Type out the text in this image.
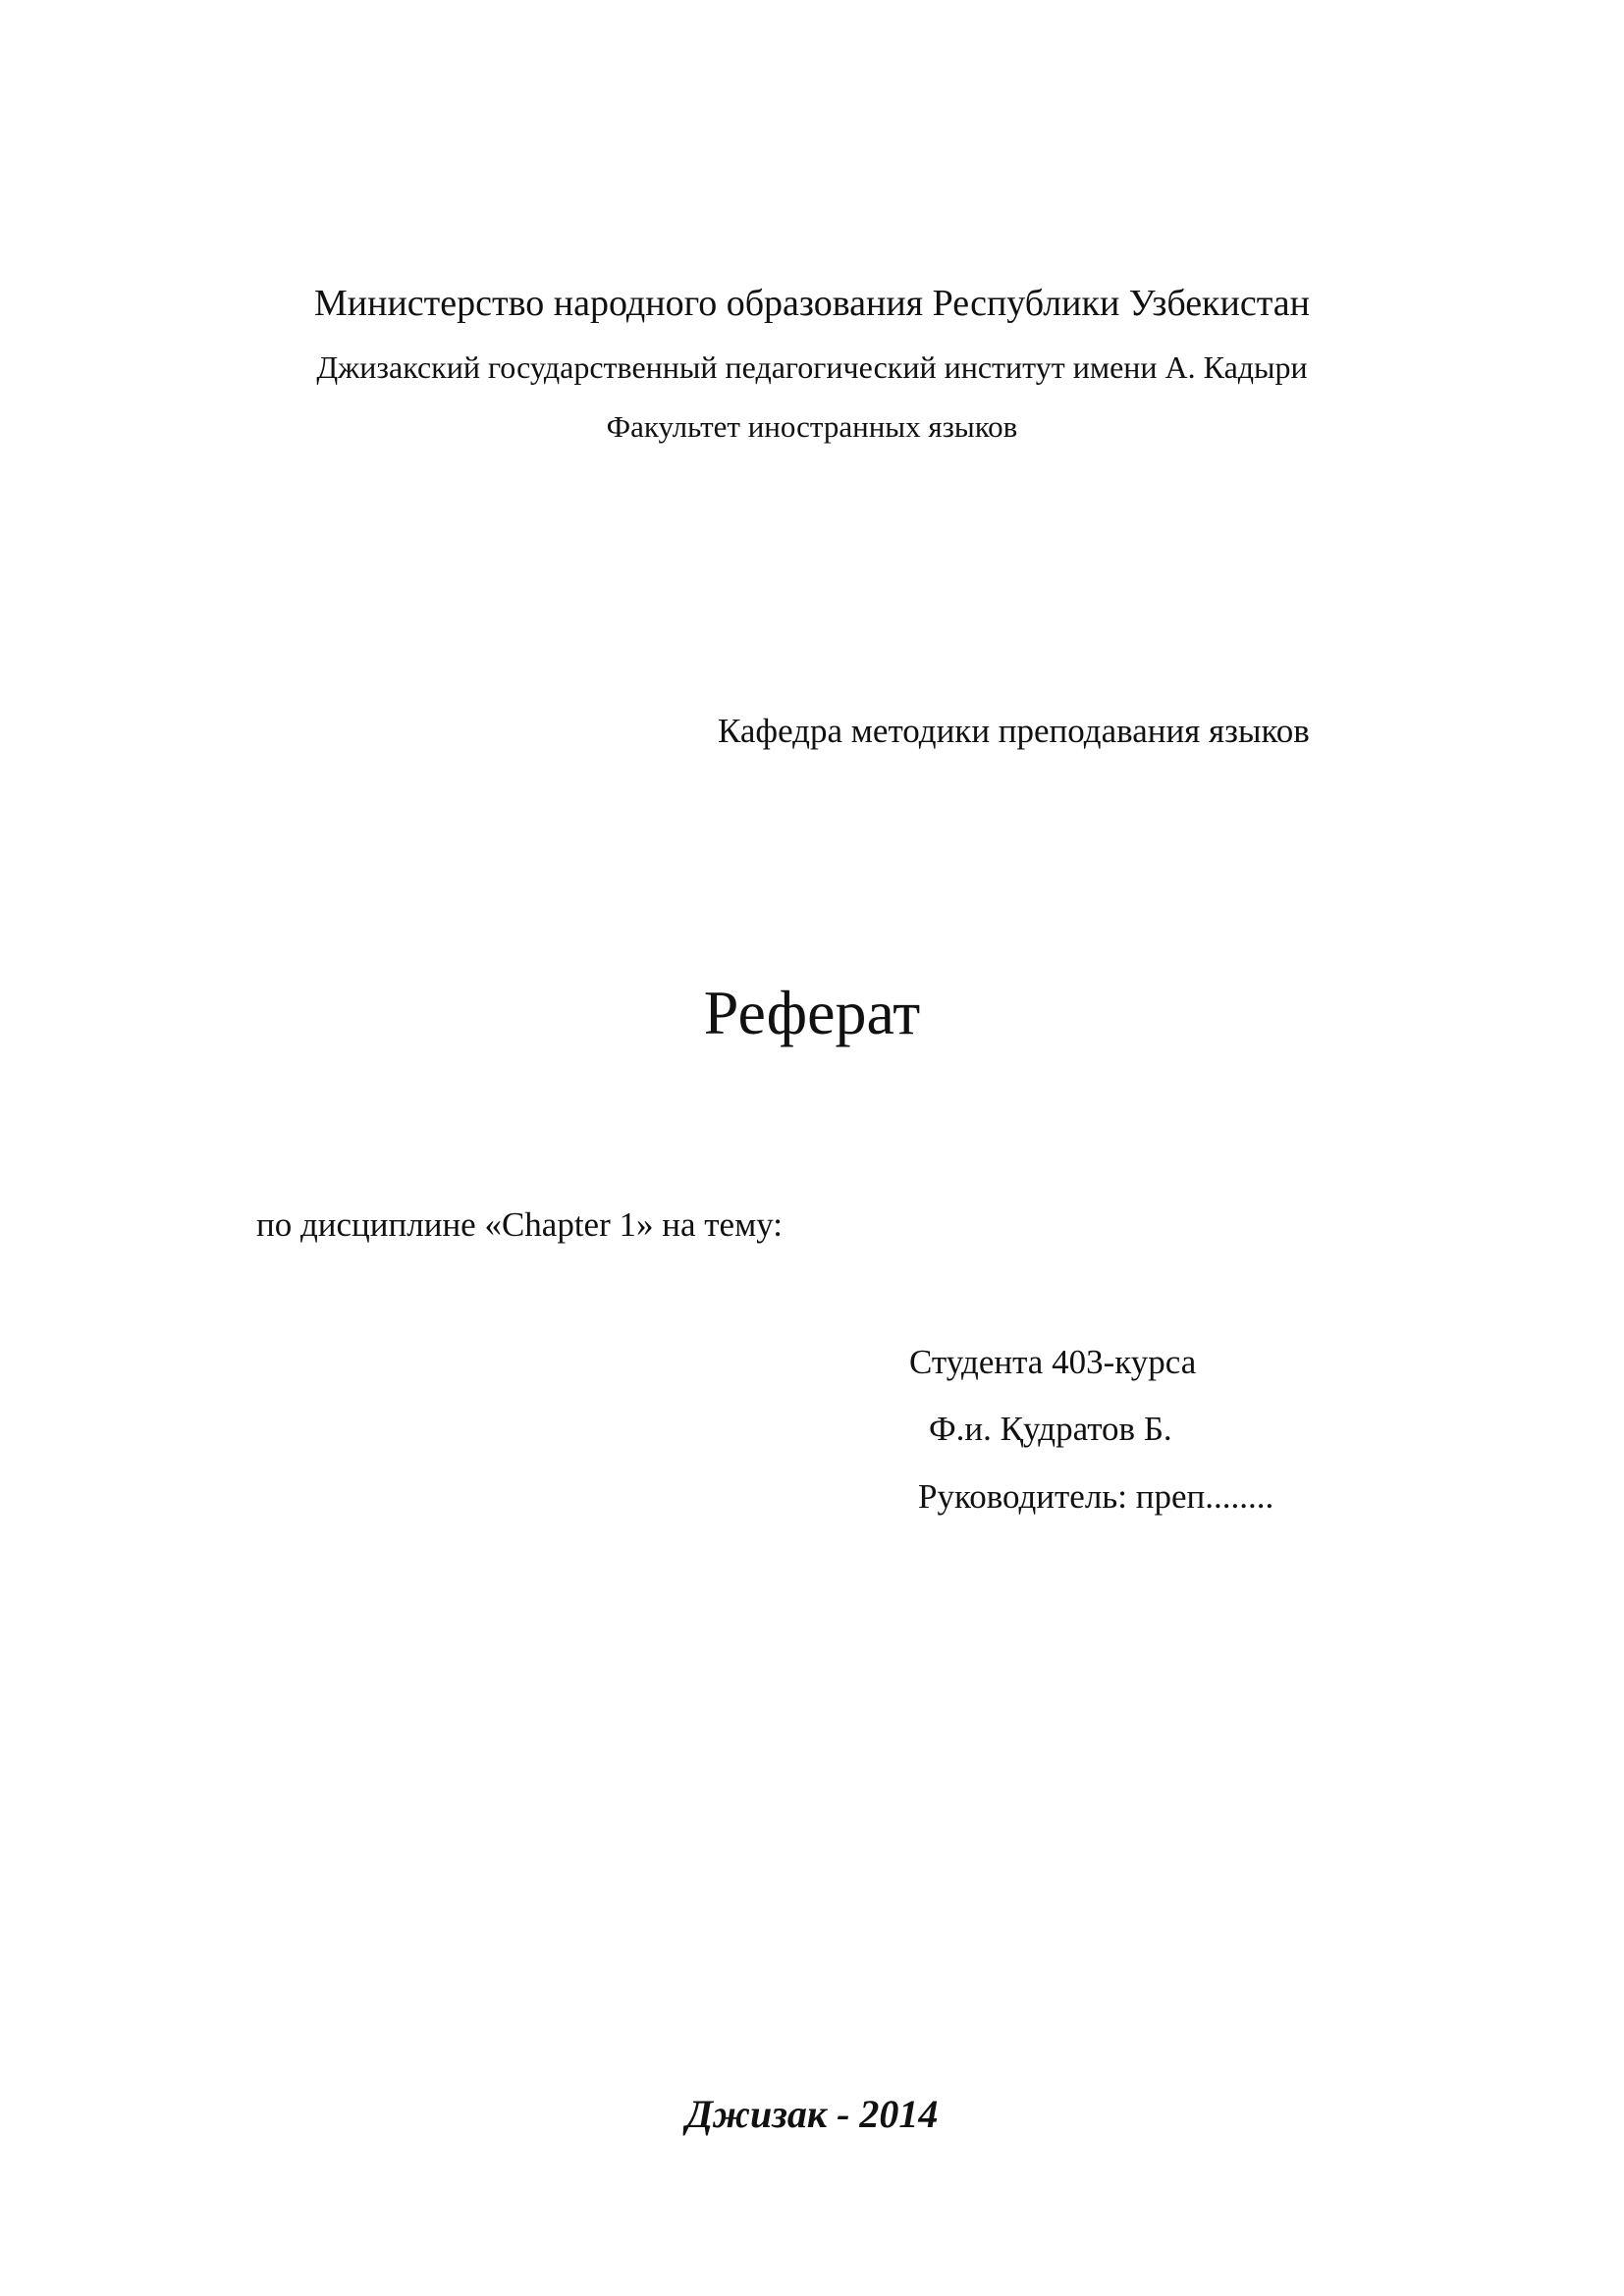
Министерство народного образования Республики Узбекистан
Джизакский государственный педагогический институт имени А. Кадыри
Факультет иностранных языков
Кафедра методики преподавания языков
Реферат
по дисциплине «Chapter 1» на тему:
Студента 403-курса
Ф.и. Қудратов Б.
Руководитель: преп........
Джизак - 2014
